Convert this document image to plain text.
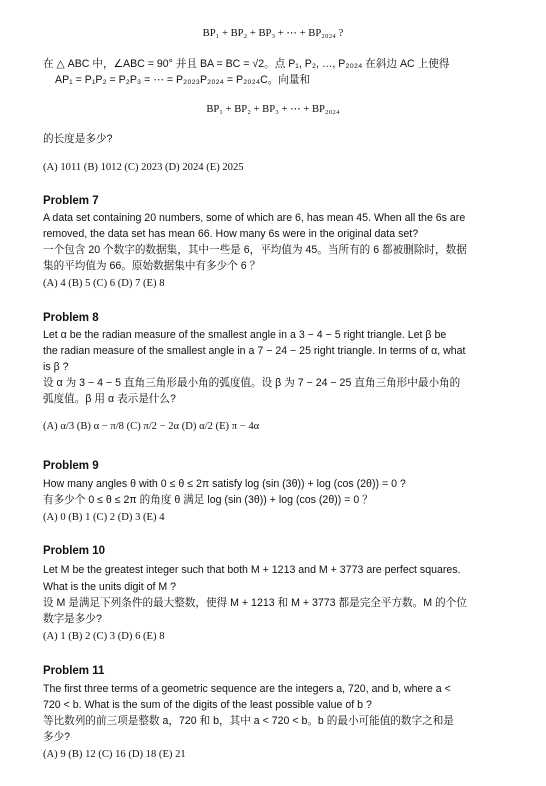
BP₁ + BP₂ + BP₃ + ⋯ + BP₂₀₂₄ ?
在 △ ABC 中，∠ABC = 90° 并且 BA = BC = √2。点 P₁, P₂, …, P₂₀₂₄ 在斜边 AC 上使得
AP₁ = P₁P₂ = P₂P₃ = ⋯ = P₂₀₂₃P₂₀₂₄ = P₂₀₂₄C。向量和
BP₁ + BP₂ + BP₃ + ⋯ + BP₂₀₂₄
的长度是多少?
(A) 1011 (B) 1012 (C) 2023 (D) 2024 (E) 2025
Problem 7
A data set containing 20 numbers, some of which are 6, has mean 45. When all the 6s are
removed, the data set has mean 66. How many 6s were in the original data set?
一个包含 20 个数字的数据集，其中一些是 6，平均值为 45。当所有的 6 都被删除时，数据
集的平均值为 66。原始数据集中有多少个 6 ？
(A) 4 (B) 5 (C) 6 (D) 7 (E) 8
Problem 8
Let α be the radian measure of the smallest angle in a 3 − 4 − 5 right triangle. Let β be
the radian measure of the smallest angle in a 7 − 24 − 25 right triangle. In terms of α, what
is β ?
设 α 为 3 − 4 − 5 直角三角形最小角的弧度值。设 β 为 7 − 24 − 25 直角三角形中最小角的
弧度值。β 用 α 表示是什么?
(A) α/3 (B) α − π/8 (C) π/2 − 2α (D) α/2 (E) π − 4α
Problem 9
How many angles θ with 0 ≤ θ ≤ 2π satisfy log (sin (3θ)) + log (cos (2θ)) = 0 ?
有多少个 0 ≤ θ ≤ 2π 的角度 θ 满足 log (sin (3θ)) + log (cos (2θ)) = 0 ？
(A) 0 (B) 1 (C) 2 (D) 3 (E) 4
Problem 10
Let M be the greatest integer such that both M + 1213 and M + 3773 are perfect squares.
What is the units digit of M ?
设 M 是满足下列条件的最大整数，使得 M + 1213 和 M + 3773 都是完全平方数。M 的个位
数字是多少?
(A) 1 (B) 2 (C) 3 (D) 6 (E) 8
Problem 11
The first three terms of a geometric sequence are the integers a, 720, and b, where a <
720 < b. What is the sum of the digits of the least possible value of b ?
等比数列的前三项是整数 a，720 和 b，其中 a < 720 < b。b 的最小可能值的数字之和是
多少?
(A) 9 (B) 12 (C) 16 (D) 18 (E) 21
